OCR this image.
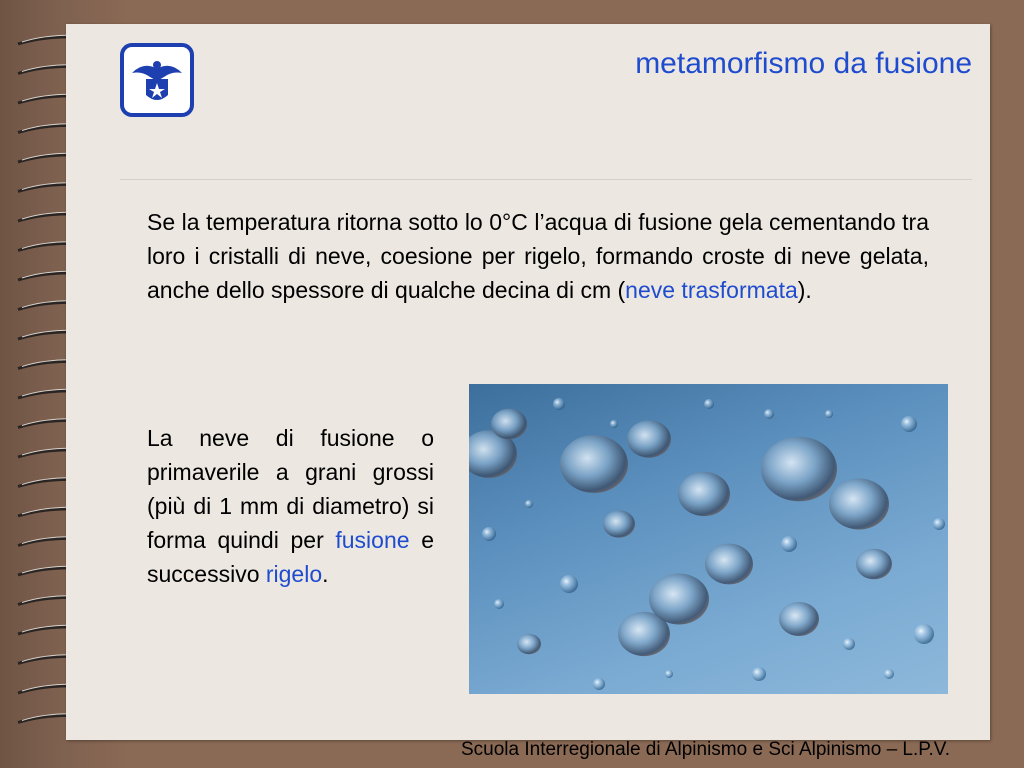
metamorfismo da fusione

Se la temperatura ritorna sotto lo 0°C l’acqua di fusione gela cementando tra loro i cristalli di neve, coesione per rigelo, formando croste di neve gelata, anche dello spessore di qualche decina di cm (neve trasformata).

La neve di fusione o primaverile a grani grossi (più di 1 mm di diametro) si forma quindi per fusione e successivo rigelo.

Scuola Interregionale di Alpinismo e Sci Alpinismo – L.P.V.
